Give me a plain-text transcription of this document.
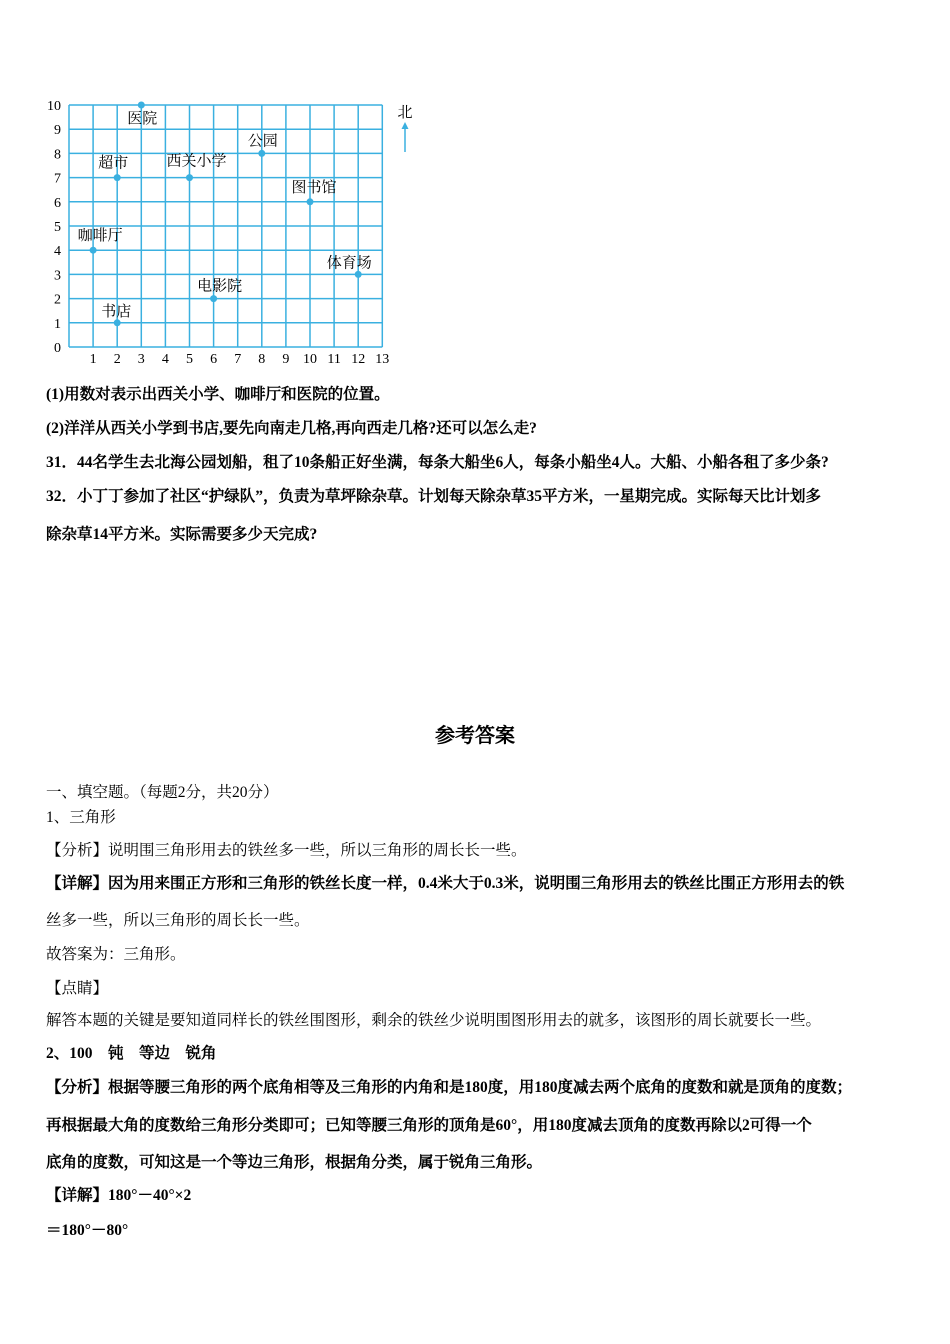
1 2 3 4 5 6 7 8 9 10 11 12 13
0
1
2
3
4
5
6
7
8
9
10
医院
超市	西关小学
公园
图书馆
咖啡厅
体育场
电影院
书店
北
(1)用数对表示出西关小学、咖啡厅和医院的位置。
(2)洋洋从西关小学到书店,要先向南走几格,再向西走几格?还可以怎么走?
31．44名学生去北海公园划船，租了10条船正好坐满，每条大船坐6人，每条小船坐4人。大船、小船各租了多少条?
32．小丁丁参加了社区“护绿队”，负责为草坪除杂草。计划每天除杂草35平方米，一星期完成。实际每天比计划多
除杂草14平方米。实际需要多少天完成?
参考答案
一、填空题。（每题2分，共20分）
1、三角形
【分析】说明围三角形用去的铁丝多一些，所以三角形的周长长一些。
【详解】因为用来围正方形和三角形的铁丝长度一样，0.4米大于0.3米，说明围三角形用去的铁丝比围正方形用去的铁
丝多一些，所以三角形的周长长一些。
故答案为：三角形。
【点睛】
解答本题的关键是要知道同样长的铁丝围图形，剩余的铁丝少说明围图形用去的就多，该图形的周长就要长一些。
2、100　钝　等边　锐角
【分析】根据等腰三角形的两个底角相等及三角形的内角和是180度，用180度减去两个底角的度数和就是顶角的度数；
再根据最大角的度数给三角形分类即可；已知等腰三角形的顶角是60°，用180度减去顶角的度数再除以2可得一个
底角的度数，可知这是一个等边三角形，根据角分类，属于锐角三角形。
【详解】180°－40°×2
＝180°－80°
